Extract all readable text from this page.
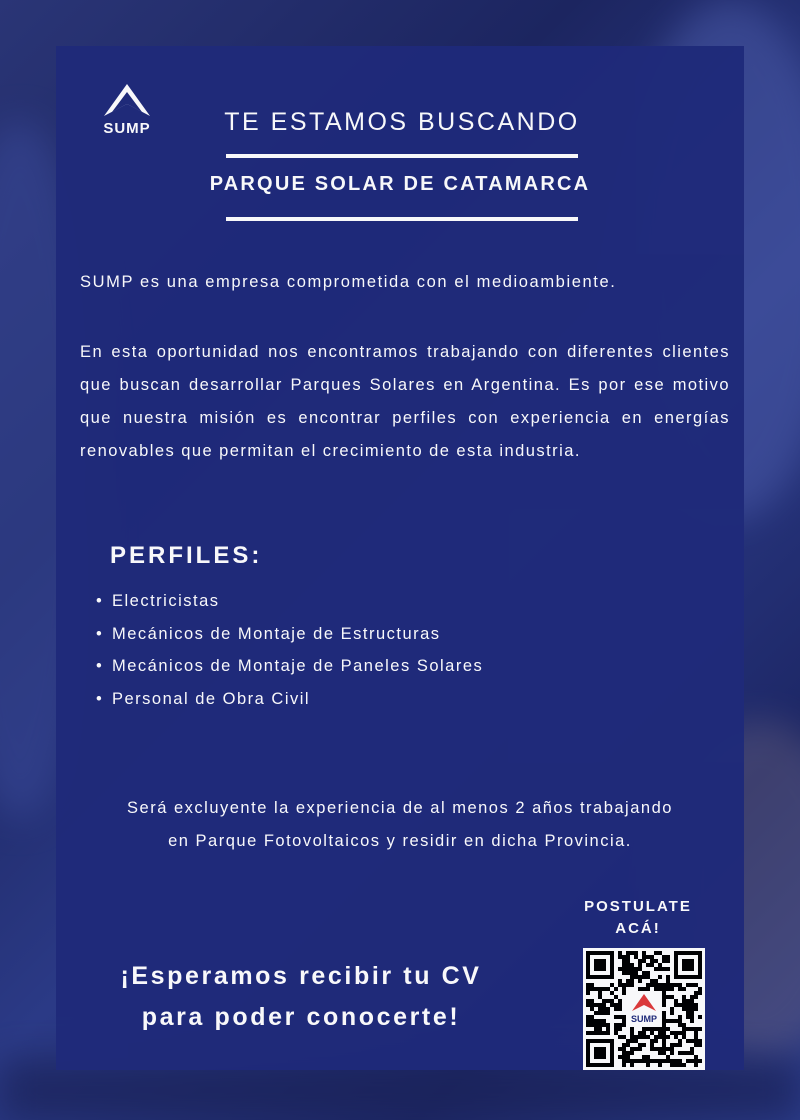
SUMP	TE ESTAMOS BUSCANDO
PARQUE SOLAR DE CATAMARCA
SUMP es una empresa comprometida con el medioambiente.
En esta oportunidad nos encontramos trabajando con diferentes clientes que buscan desarrollar Parques Solares en Argentina. Es por ese motivo que nuestra misión es encontrar perfiles con experiencia en energías renovables que permitan el crecimiento de esta industria.
PERFILES:
• Electricistas
• Mecánicos de Montaje de Estructuras
• Mecánicos de Montaje de Paneles Solares
• Personal de Obra Civil
Será excluyente la experiencia de al menos 2 años trabajando
en Parque Fotovoltaicos y residir en dicha Provincia.
POSTULATE
ACÁ!
¡Esperamos recibir tu CV
para poder conocerte!	SUMP
